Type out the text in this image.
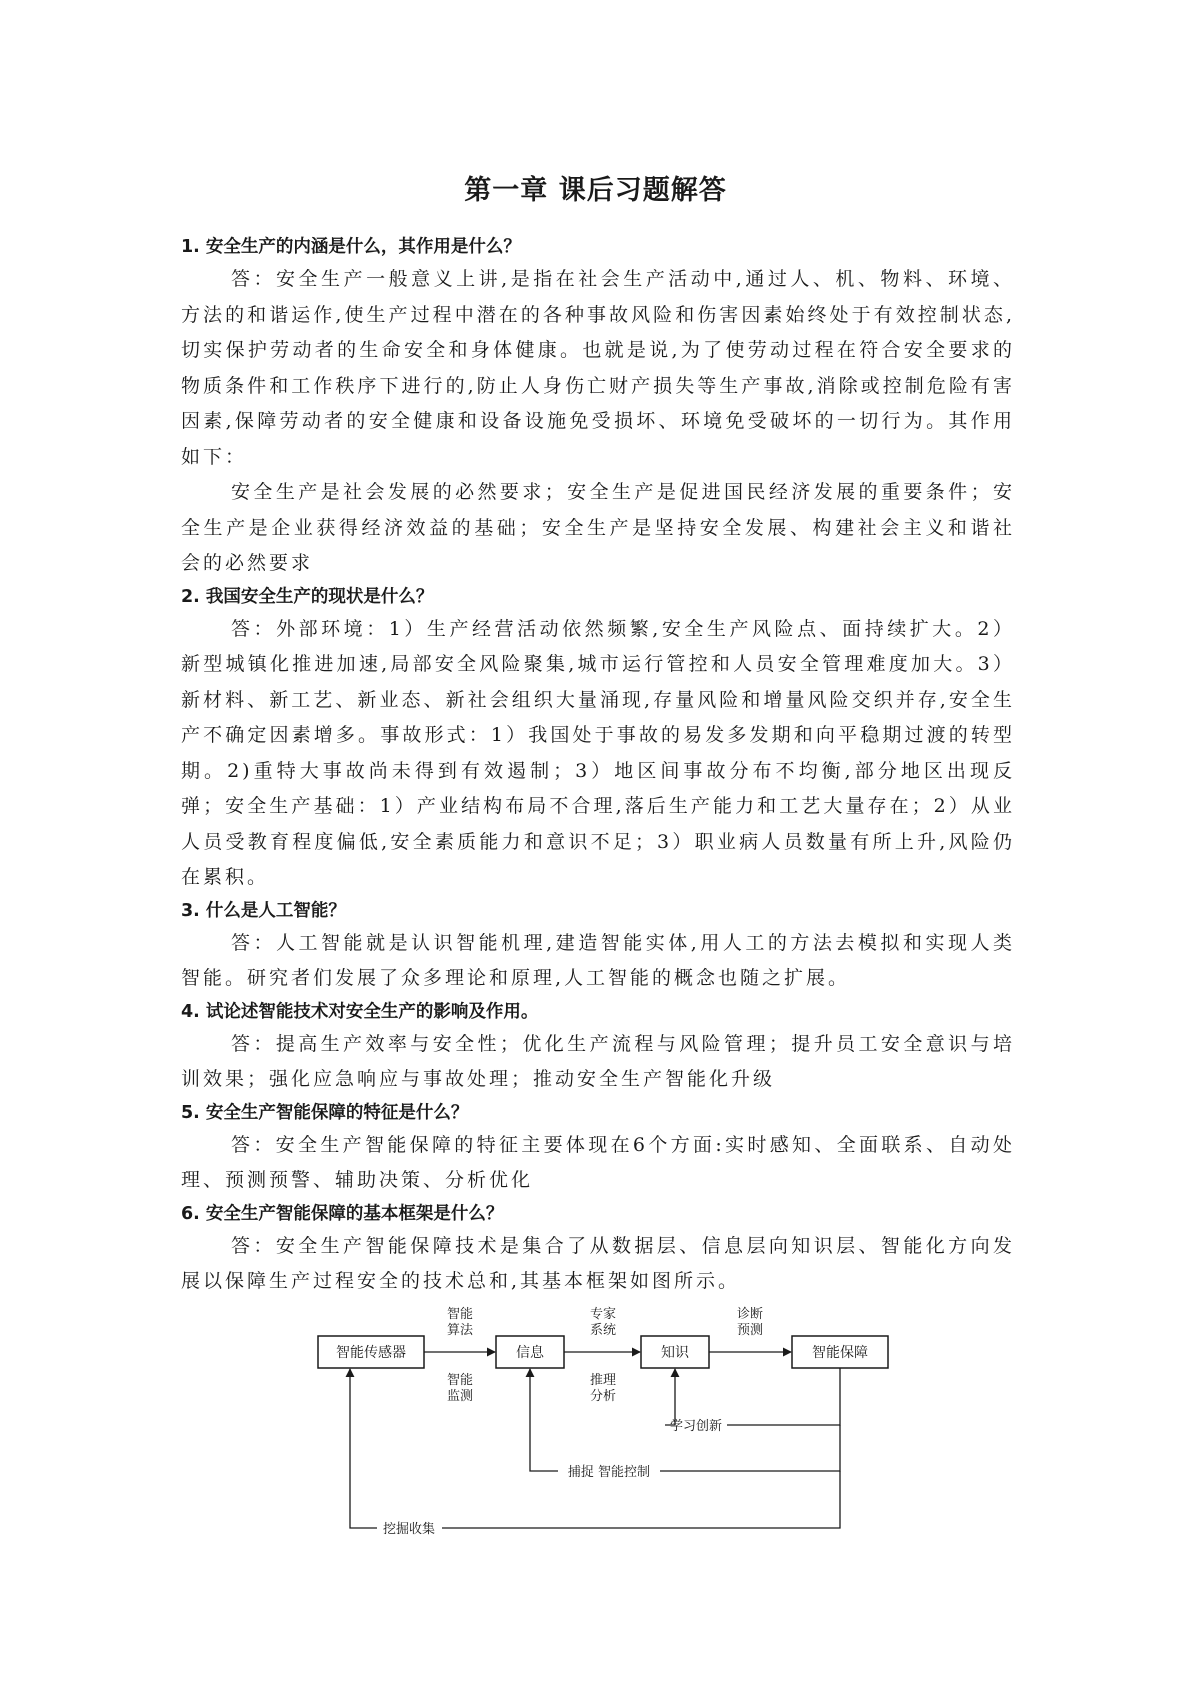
第一章 课后习题解答

1. 安全生产的内涵是什么，其作用是什么？

答：安全生产一般意义上讲,是指在社会生产活动中,通过人、机、物料、环境、方法的和谐运作,使生产过程中潜在的各种事故风险和伤害因素始终处于有效控制状态,切实保护劳动者的生命安全和身体健康。也就是说,为了使劳动过程在符合安全要求的物质条件和工作秩序下进行的,防止人身伤亡财产损失等生产事故,消除或控制危险有害因素,保障劳动者的安全健康和设备设施免受损坏、环境免受破坏的一切行为。其作用如下：

安全生产是社会发展的必然要求；安全生产是促进国民经济发展的重要条件；安全生产是企业获得经济效益的基础；安全生产是坚持安全发展、构建社会主义和谐社会的必然要求

2. 我国安全生产的现状是什么？

答：外部环境：1）生产经营活动依然频繁,安全生产风险点、面持续扩大。2）新型城镇化推进加速,局部安全风险聚集,城市运行管控和人员安全管理难度加大。3）新材料、新工艺、新业态、新社会组织大量涌现,存量风险和增量风险交织并存,安全生产不确定因素增多。事故形式：1）我国处于事故的易发多发期和向平稳期过渡的转型期。2)重特大事故尚未得到有效遏制；3）地区间事故分布不均衡,部分地区出现反弹；安全生产基础：1）产业结构布局不合理,落后生产能力和工艺大量存在；2）从业人员受教育程度偏低,安全素质能力和意识不足；3）职业病人员数量有所上升,风险仍在累积。

3. 什么是人工智能？

答：人工智能就是认识智能机理,建造智能实体,用人工的方法去模拟和实现人类智能。研究者们发展了众多理论和原理,人工智能的概念也随之扩展。

4. 试论述智能技术对安全生产的影响及作用。

答：提高生产效率与安全性；优化生产流程与风险管理；提升员工安全意识与培训效果；强化应急响应与事故处理；推动安全生产智能化升级

5. 安全生产智能保障的特征是什么？

答：安全生产智能保障的特征主要体现在6个方面:实时感知、全面联系、自动处理、预测预警、辅助决策、分析优化

6. 安全生产智能保障的基本框架是什么？

答：安全生产智能保障技术是集合了从数据层、信息层向知识层、智能化方向发展以保障生产过程安全的技术总和,其基本框架如图所示。

智能传感器	信息	知识	智能保障
智能
算法
智能
监测
专家
系统
推理
分析
诊断
预测
学习创新
捕捉 智能控制
挖掘收集
